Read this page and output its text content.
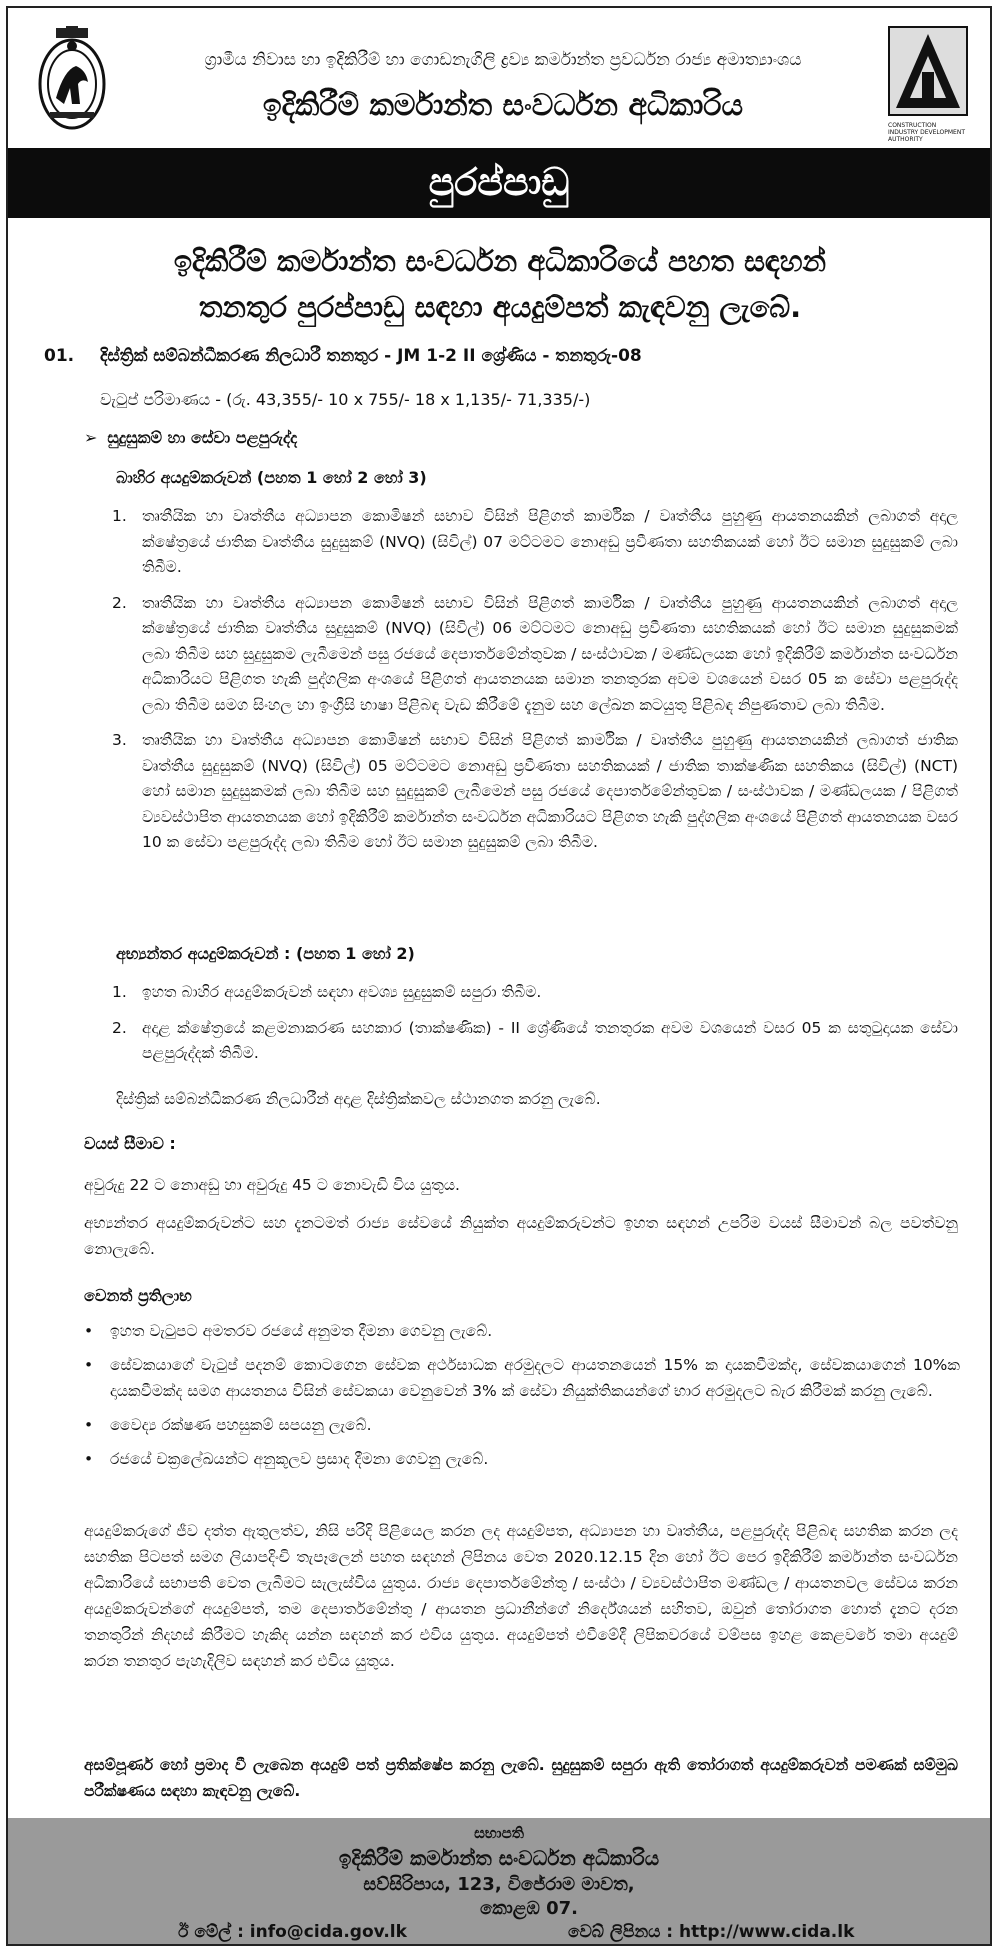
ග්‍රාමීය නිවාස හා ඉදිකිරීම් හා ගොඩනැගිලි ද්‍රව්‍ය කර්මාන්ත ප්‍රවර්ධන රාජ්‍ය අමාත්‍යාංශය
ඉදිකිරීම් කර්මාන්ත සංවර්ධන අධිකාරිය
CONSTRUCTION INDUSTRY DEVELOPMENT AUTHORITY
පුරප්පාඩු
ඉදිකිරීම් කර්මාන්ත සංවර්ධන අධිකාරියේ පහත සඳහන්
තනතුර පුරප්පාඩු සඳහා අයදුම්පත් කැඳවනු ලැබේ.
01. දිස්ත්‍රික් සම්බන්ධීකරණ නිලධාරී තනතුර - JM 1-2 II ශ්‍රේණිය - තනතුරු-08
වැටුප් පරිමාණය - (රු. 43,355/- 10 x 755/- 18 x 1,135/- 71,335/-)
➢ සුදුසුකම් හා සේවා පළපුරුද්ද
බාහිර අයදුම්කරුවන් (පහත 1 හෝ 2 හෝ 3)
1. තෘතීයික හා වෘත්තීය අධ්‍යාපන කොමිෂන් සභාව විසින් පිළිගත් කාර්මික / වෘත්තීය පුහුණු ආයතනයකින් ලබාගත් අදාල ක්ෂේත්‍රයේ ජාතික වෘත්තීය සුදුසුකම් (NVQ) (සිවිල්) 07 මට්ටමට නොඅඩු ප්‍රවීණතා සහතිකයක් හෝ ඊට සමාන සුදුසුකම් ලබා තිබීම.
2. තෘතීයික හා වෘත්තීය අධ්‍යාපන කොමිෂන් සභාව විසින් පිළිගත් කාර්මික / වෘත්තීය පුහුණු ආයතනයකින් ලබාගත් අදාල ක්ෂේත්‍රයේ ජාතික වෘත්තීය සුදුසුකම් (NVQ) (සිවිල්) 06 මට්ටමට නොඅඩු ප්‍රවීණතා සහතිකයක් හෝ ඊට සමාන සුදුසුකමක් ලබා තිබීම සහ සුදුසුකම ලැබීමෙන් පසු රජයේ දෙපාර්තමේන්තුවක / සංස්ථාවක / මණ්ඩලයක හෝ ඉදිකිරීම් කර්මාන්ත සංවර්ධන අධිකාරියට පිළිගත හැකි පුද්ගලික අංශයේ පිළිගත් ආයතනයක සමාන තනතුරක අවම වශයෙන් වසර 05 ක සේවා පළපුරුද්ද ලබා තිබීම සමග සිංහල හා ඉංග්‍රීසි භාෂා පිළිබඳ වැඩ කිරීමේ දැනුම සහ ලේඛන කටයුතු පිළිබඳ නිපුණතාව ලබා තිබීම.
3. තෘතීයික හා වෘත්තීය අධ්‍යාපන කොමිෂන් සභාව විසින් පිළිගත් කාර්මික / වෘත්තීය පුහුණු ආයතනයකින් ලබාගත් ජාතික වෘත්තීය සුදුසුකම් (NVQ) (සිවිල්) 05 මට්ටමට නොඅඩු ප්‍රවීණතා සහතිකයක් / ජාතික තාක්ෂණික සහතිකය (සිවිල්) (NCT) හෝ සමාන සුදුසුකමක් ලබා තිබීම සහ සුදුසුකම් ලැබීමෙන් පසු රජයේ දෙපාර්තමේන්තුවක / සංස්ථාවක / මණ්ඩලයක / පිළිගත් ව්‍යවස්ථාපිත ආයතනයක හෝ ඉදිකිරීම් කර්මාන්ත සංවර්ධන අධිකාරියට පිළිගත හැකි පුද්ගලික අංශයේ පිළිගත් ආයතනයක වසර 10 ක සේවා පළපුරුද්ද ලබා තිබීම හෝ ඊට සමාන සුදුසුකම් ලබා තිබීම.
අභ්‍යන්තර අයදුම්කරුවන් : (පහත 1 හෝ 2)
1. ඉහත බාහිර අයදුම්කරුවන් සඳහා අවශ්‍ය සුදුසුකම් සපුරා තිබීම.
2. අදාළ ක්ෂේත්‍රයේ කළමනාකරණ සහකාර (තාක්ෂණික) - II ශ්‍රේණියේ තනතුරක අවම වශයෙන් වසර 05 ක සතුටුදායක සේවා පළපුරුද්දක් තිබීම.
දිස්ත්‍රික් සම්බන්ධීකරණ නිලධාරීන් අදාළ දිස්ත්‍රික්කවල ස්ථානගත කරනු ලැබේ.
වයස් සීමාව :
අවුරුදු 22 ට නොඅඩු හා අවුරුදු 45 ට නොවැඩි විය යුතුය.
අභ්‍යන්තර අයදුම්කරුවන්ට සහ දැනටමත් රාජ්‍ය සේවයේ නියුක්ත අයදුම්කරුවන්ට ඉහත සඳහන් උපරිම වයස් සීමාවන් බල පවත්වනු නොලැබේ.
වෙනත් ප්‍රතිලාභ
• ඉහත වැටුපට අමතරව රජයේ අනුමත දීමනා ගෙවනු ලැබේ.
• සේවකයාගේ වැටුප් පදනම් කොටගෙන සේවක අර්ථසාධක අරමුදලට ආයතනයෙන් 15% ක දායකවීමක්ද, සේවකයාගෙන් 10%ක දායකවීමක්ද සමග ආයතනය විසින් සේවකයා වෙනුවෙන් 3% ක් සේවා නියුක්තිකයන්ගේ භාර අරමුදලට බැර කිරීමක් කරනු ලැබේ.
• වෛද්‍ය රක්ෂණ පහසුකම් සපයනු ලැබේ.
• රජයේ චක්‍රලේඛයන්ට අනුකූලව ප්‍රසාද දීමනා ගෙවනු ලැබේ.
අයදුම්කරුගේ ජීව දත්ත ඇතුලත්ව, නිසි පරිදි පිළියෙල කරන ලද අයදුම්පත, අධ්‍යාපන හා වෘත්තීය, පළපුරුද්ද පිළිබඳ සහතික කරන ලද සහතික පිටපත් සමග ලියාපදිංචි තැපෑලෙන් පහත සඳහන් ලිපිනය වෙත 2020.12.15 දින හෝ ඊට පෙර ඉදිකිරීම් කර්මාන්ත සංවර්ධන අධිකාරියේ සභාපති වෙත ලැබීමට සැලැස්විය යුතුය. රාජ්‍ය දෙපාර්තමේන්තු / සංස්ථා / ව්‍යවස්ථාපිත මණ්ඩල / ආයතනවල සේවය කරන අයදුම්කරුවන්ගේ අයදුම්පත්, තම දෙපාර්තමේන්තු / ආයතන ප්‍රධානීන්ගේ නිර්දේශයන් සහිතව, ඔවුන් තෝරාගත හොත් දැනට දරන තනතුරින් නිදහස් කිරීමට හැකිද යන්න සඳහන් කර එවිය යුතුය. අයදුම්පත් එවීමේදී ලිපිකවරයේ වම්පස ඉහළ කෙළවරේ තමා අයදුම් කරන තනතුර පැහැදිලිව සඳහන් කර එවිය යුතුය.
අසම්පූර්ණ හෝ ප්‍රමාද වී ලැබෙන අයදුම් පත් ප්‍රතික්ෂේප කරනු ලැබේ. සුදුසුකම් සපුරා ඇති තෝරාගත් අයදුම්කරුවන් පමණක් සම්මුඛ පරීක්ෂණය සඳහා කැඳවනු ලැබේ.
සභාපති
ඉදිකිරීම් කර්මාන්ත සංවර්ධන අධිකාරිය
සව්සිරිපාය, 123, විජේරාම මාවත,
කොළඹ 07.
ඊ මේල් : info@cida.gov.lk	වෙබ් ලිපිනය : http://www.cida.lk
